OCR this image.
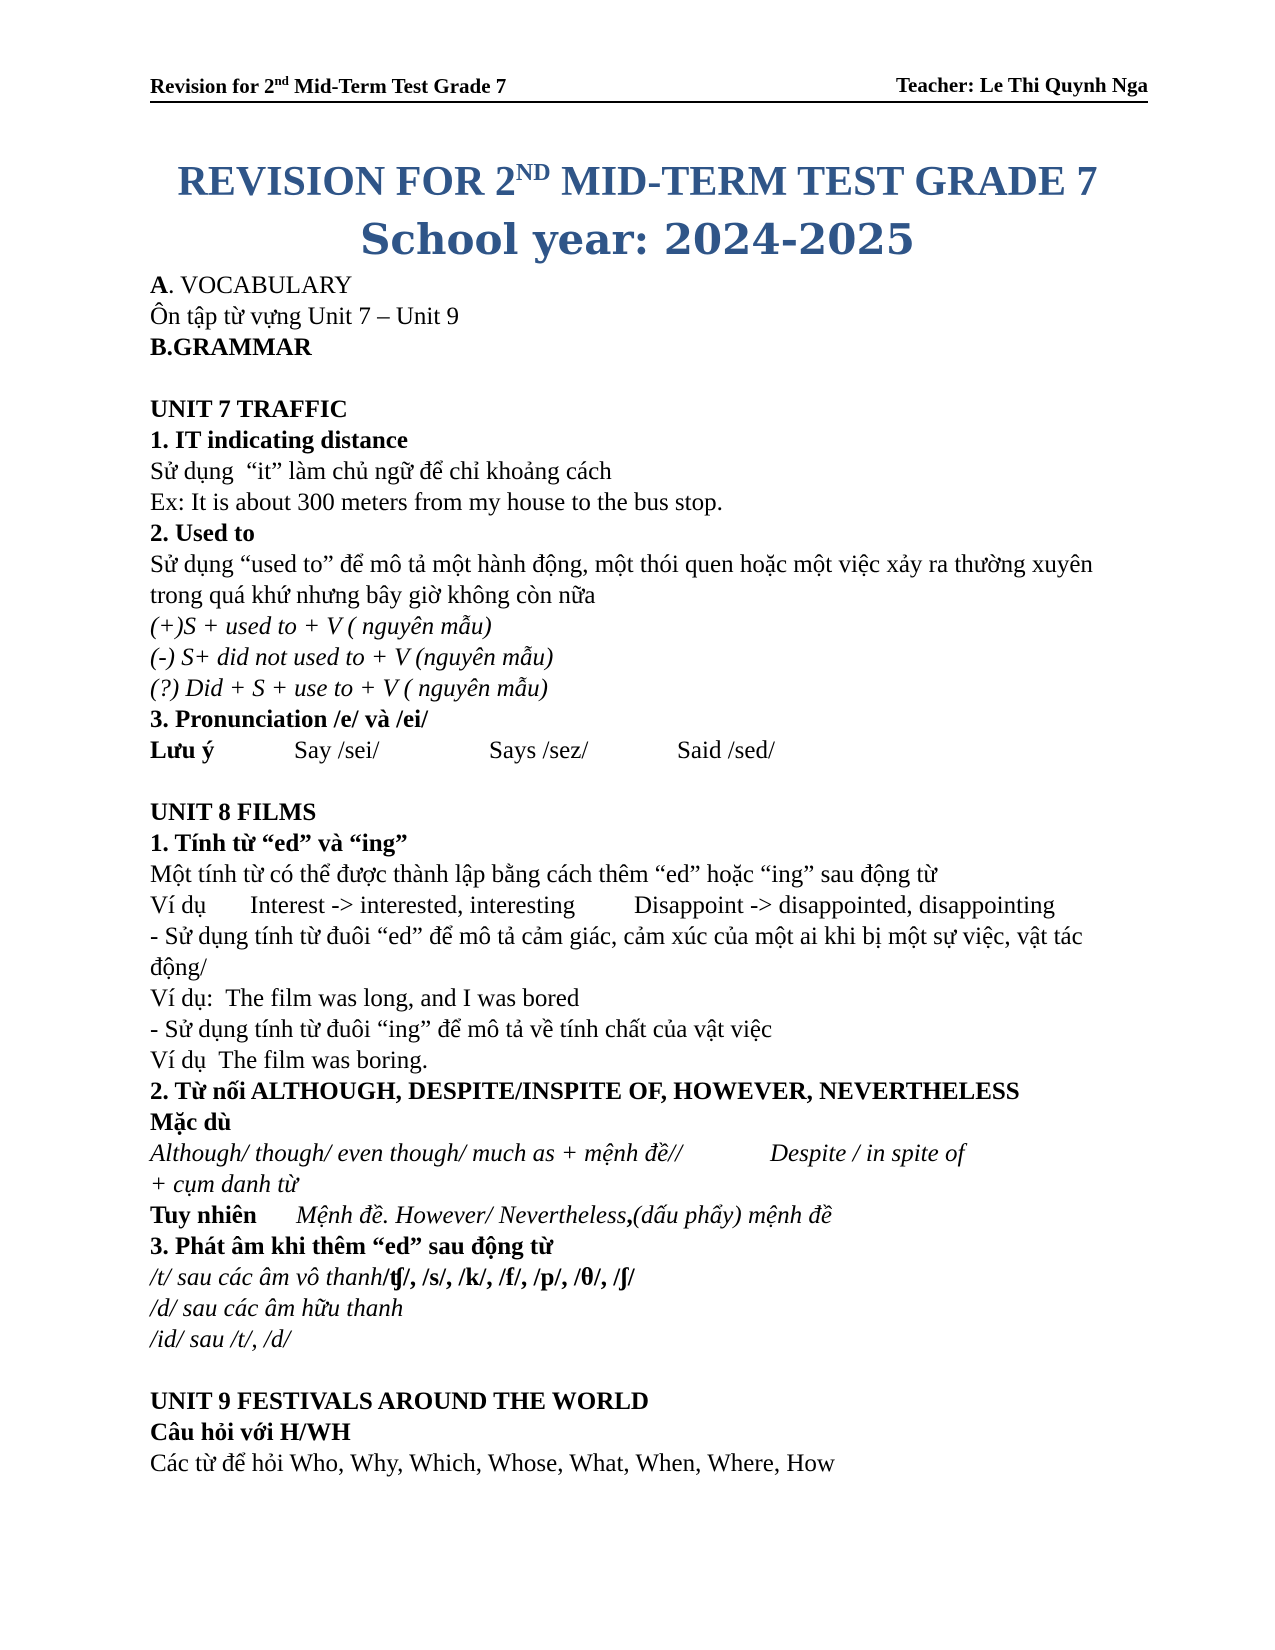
Revision for 2nd Mid-Term Test Grade 7	Teacher: Le Thi Quynh Nga
REVISION FOR 2ND MID-TERM TEST GRADE 7
School year: 2024-2025
A. VOCABULARY
Ôn tập từ vựng Unit 7 – Unit 9
B.GRAMMAR
UNIT 7 TRAFFIC
1. IT indicating distance
Sử dụng  “it” làm chủ ngữ để chỉ khoảng cách
Ex: It is about 300 meters from my house to the bus stop.
2. Used to
Sử dụng “used to” để mô tả một hành động, một thói quen hoặc một việc xảy ra thường xuyên trong quá khứ nhưng bây giờ không còn nữa
(+)S + used to + V ( nguyên mẫu)
(-) S+ did not used to + V (nguyên mẫu)
(?) Did + S + use to + V ( nguyên mẫu)
3. Pronunciation /e/ và /ei/
Lưu ý	Say /sei/	Says /sez/	Said /sed/
UNIT 8 FILMS
1. Tính từ “ed” và “ing”
Một tính từ có thể được thành lập bằng cách thêm “ed” hoặc “ing” sau động từ
Ví dụ Interest -> interested, interesting Disappoint -> disappointed, disappointing
- Sử dụng tính từ đuôi “ed” để mô tả cảm giác, cảm xúc của một ai khi bị một sự việc, vật tác động/
Ví dụ:  The film was long, and I was bored
- Sử dụng tính từ đuôi “ing” để mô tả về tính chất của vật việc
Ví dụ  The film was boring.
2. Từ nối ALTHOUGH, DESPITE/INSPITE OF, HOWEVER, NEVERTHELESS
Mặc dù
Although/ though/ even though/ much as + mệnh đề//	Despite / in spite of
+ cụm danh từ
Tuy nhiên Mệnh đề. However/ Nevertheless,(dấu phẩy) mệnh đề
3. Phát âm khi thêm “ed” sau động từ
/t/ sau các âm vô thanh/ʧ/, /s/, /k/, /f/, /p/, /θ/, /ʃ/
/d/ sau các âm hữu thanh
/id/ sau /t/, /d/
UNIT 9 FESTIVALS AROUND THE WORLD
Câu hỏi với H/WH
Các từ để hỏi Who, Why, Which, Whose, What, When, Where, How
